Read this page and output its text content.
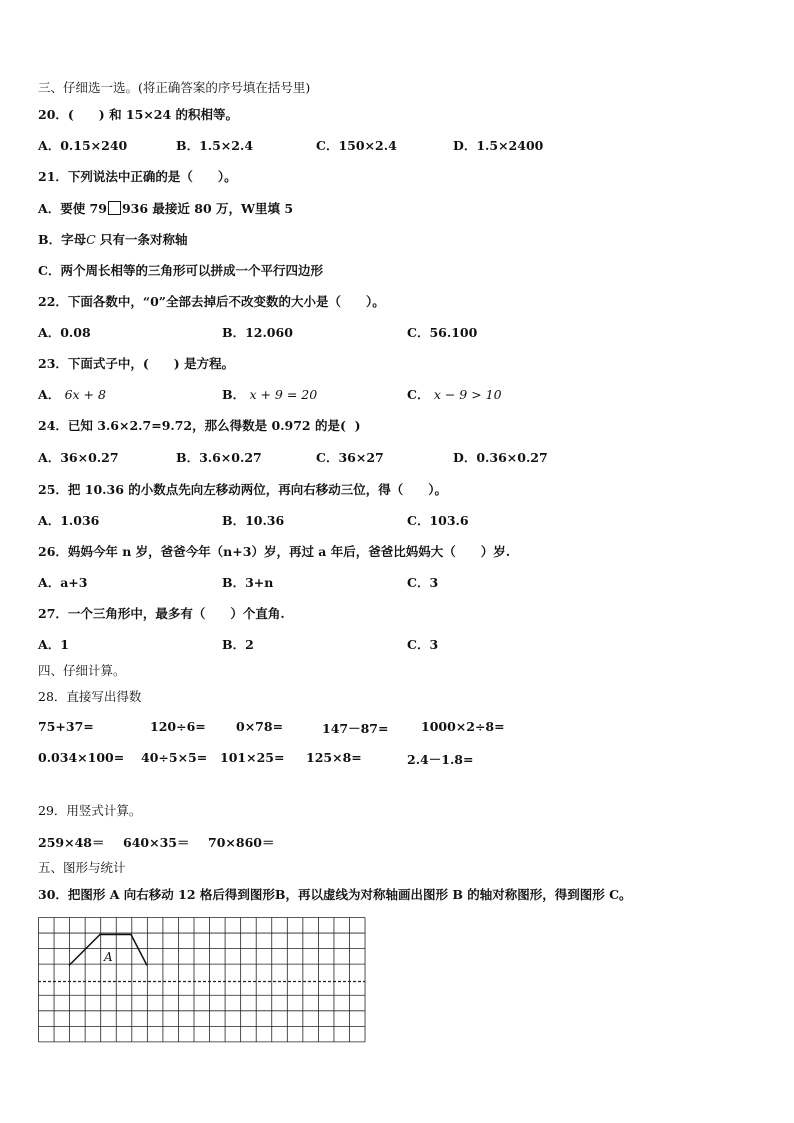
三、仔细选一选。(将正确答案的序号填在括号里)
20．(　　) 和 15×24 的积相等。
A．0.15×240	B．1.5×2.4	C．150×2.4	D．1.5×2400
21．下列说法中正确的是（　　）。
A．要使 79 936 最接近 80 万，W里填 5
B．字母C 只有一条对称轴
C．两个周长相等的三角形可以拼成一个平行四边形
22．下面各数中，“0”全部去掉后不改变数的大小是（　　）。
A．0.08	B．12.060	C．56.100
23．下面式子中，(　　) 是方程。
A． 6x + 8	B． x + 9 = 20	C． x − 9 > 10
24．已知 3.6×2.7=9.72，那么得数是 0.972 的是(  )
A．36×0.27	B．3.6×0.27	C．36×27	D．0.36×0.27
25．把 10.36 的小数点先向左移动两位，再向右移动三位，得（　　）。
A．1.036	B．10.36	C．103.6
26．妈妈今年 n 岁，爸爸今年（n+3）岁，再过 a 年后，爸爸比妈妈大（　　）岁.
A．a+3	B．3+n	C．3
27．一个三角形中，最多有（　　）个直角.
A．1	B．2	C．3
四、仔细计算。
28．直接写出得数
75+37=	120÷6= 0×78=	147－87=	1000×2÷8=
0.034×100= 40÷5×5= 101×25= 125×8=	2.4－1.8=
29．用竖式计算。
259×48＝ 640×35＝ 70×860＝
五、图形与统计
30．把图形 A 向右移动 12 格后得到图形B，再以虚线为对称轴画出图形 B 的轴对称图形，得到图形 C。
A
